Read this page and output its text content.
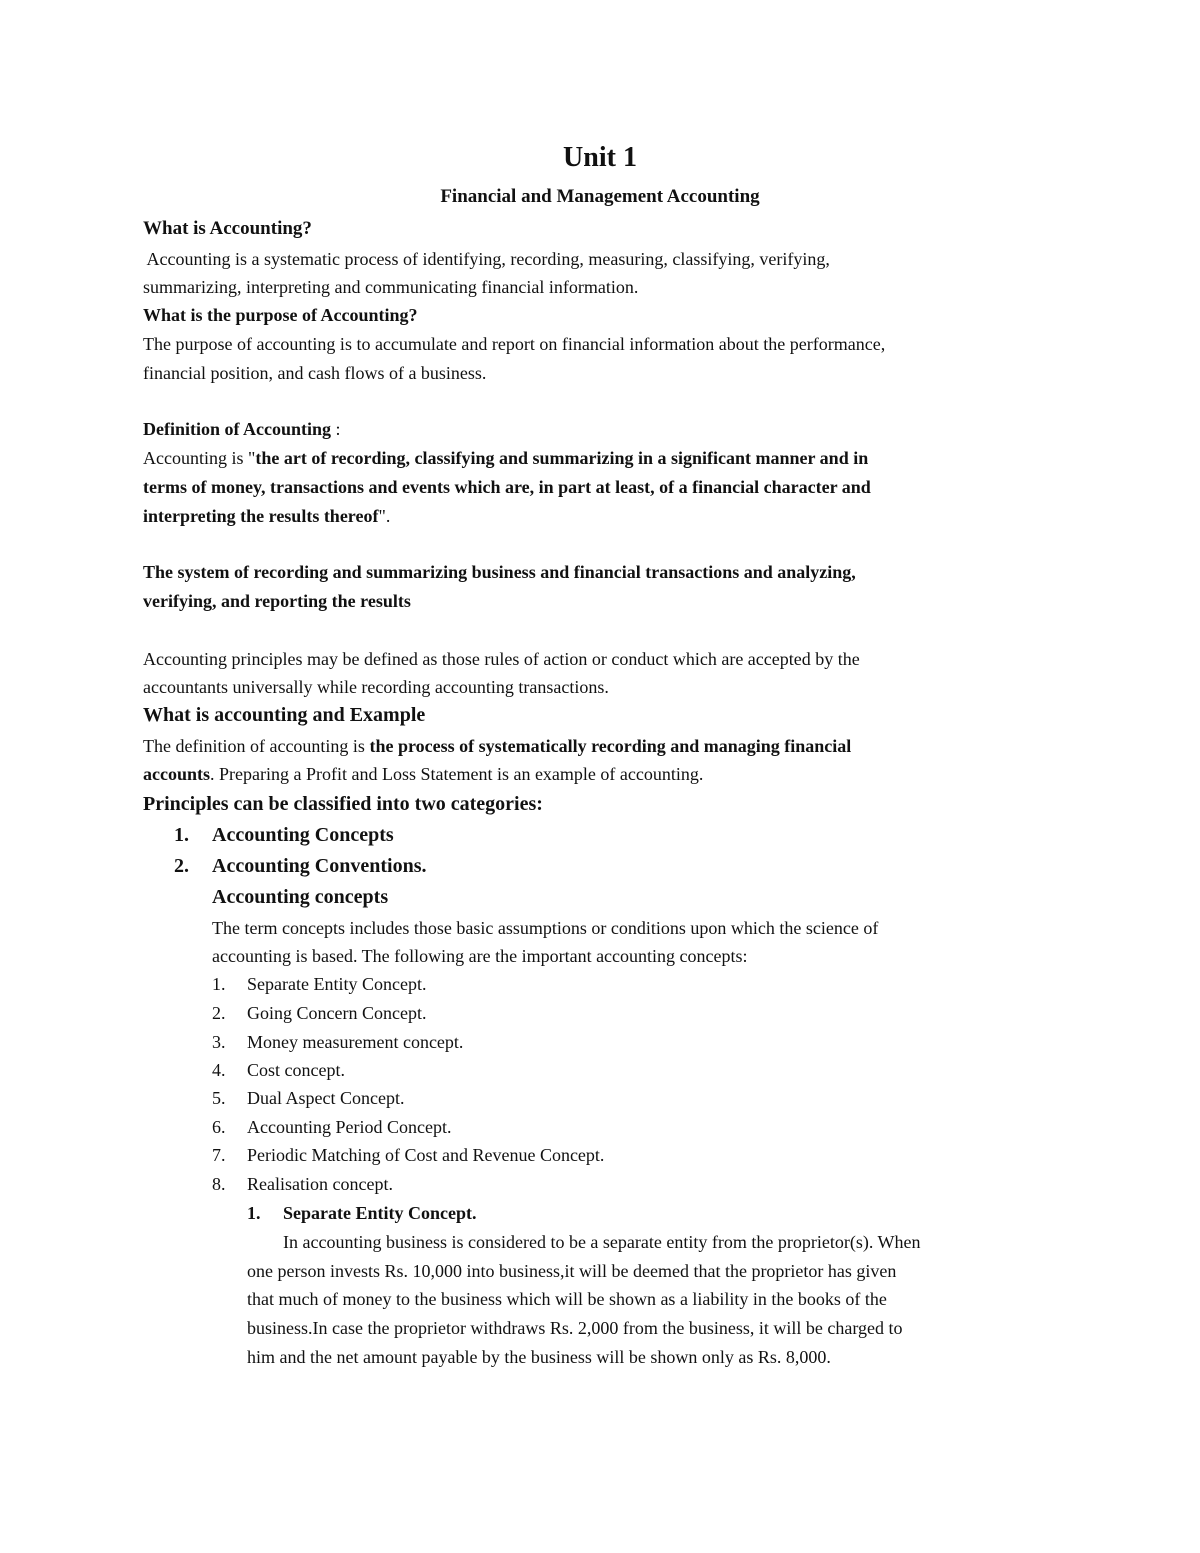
Unit 1
Financial and Management Accounting
What is Accounting?
Accounting is a systematic process of identifying, recording, measuring, classifying, verifying,
summarizing, interpreting and communicating financial information.
What is the purpose of Accounting?
The purpose of accounting is to accumulate and report on financial information about the performance,
financial position, and cash flows of a business.
Definition of Accounting :
Accounting is "the art of recording, classifying and summarizing in a significant manner and in
terms of money, transactions and events which are, in part at least, of a financial character and
interpreting the results thereof".
The system of recording and summarizing business and financial transactions and analyzing,
verifying, and reporting the results
Accounting principles may be defined as those rules of action or conduct which are accepted by the
accountants universally while recording accounting transactions.
What is accounting and Example
The definition of accounting is the process of systematically recording and managing financial
accounts. Preparing a Profit and Loss Statement is an example of accounting.
Principles can be classified into two categories:
1. Accounting Concepts
2. Accounting Conventions.
Accounting concepts
The term concepts includes those basic assumptions or conditions upon which the science of
accounting is based. The following are the important accounting concepts:
1. Separate Entity Concept.
2. Going Concern Concept.
3. Money measurement concept.
4. Cost concept.
5. Dual Aspect Concept.
6. Accounting Period Concept.
7. Periodic Matching of Cost and Revenue Concept.
8. Realisation concept.
1. Separate Entity Concept.
In accounting business is considered to be a separate entity from the proprietor(s). When
one person invests Rs. 10,000 into business,it will be deemed that the proprietor has given
that much of money to the business which will be shown as a liability in the books of the
business.In case the proprietor withdraws Rs. 2,000 from the business, it will be charged to
him and the net amount payable by the business will be shown only as Rs. 8,000.
